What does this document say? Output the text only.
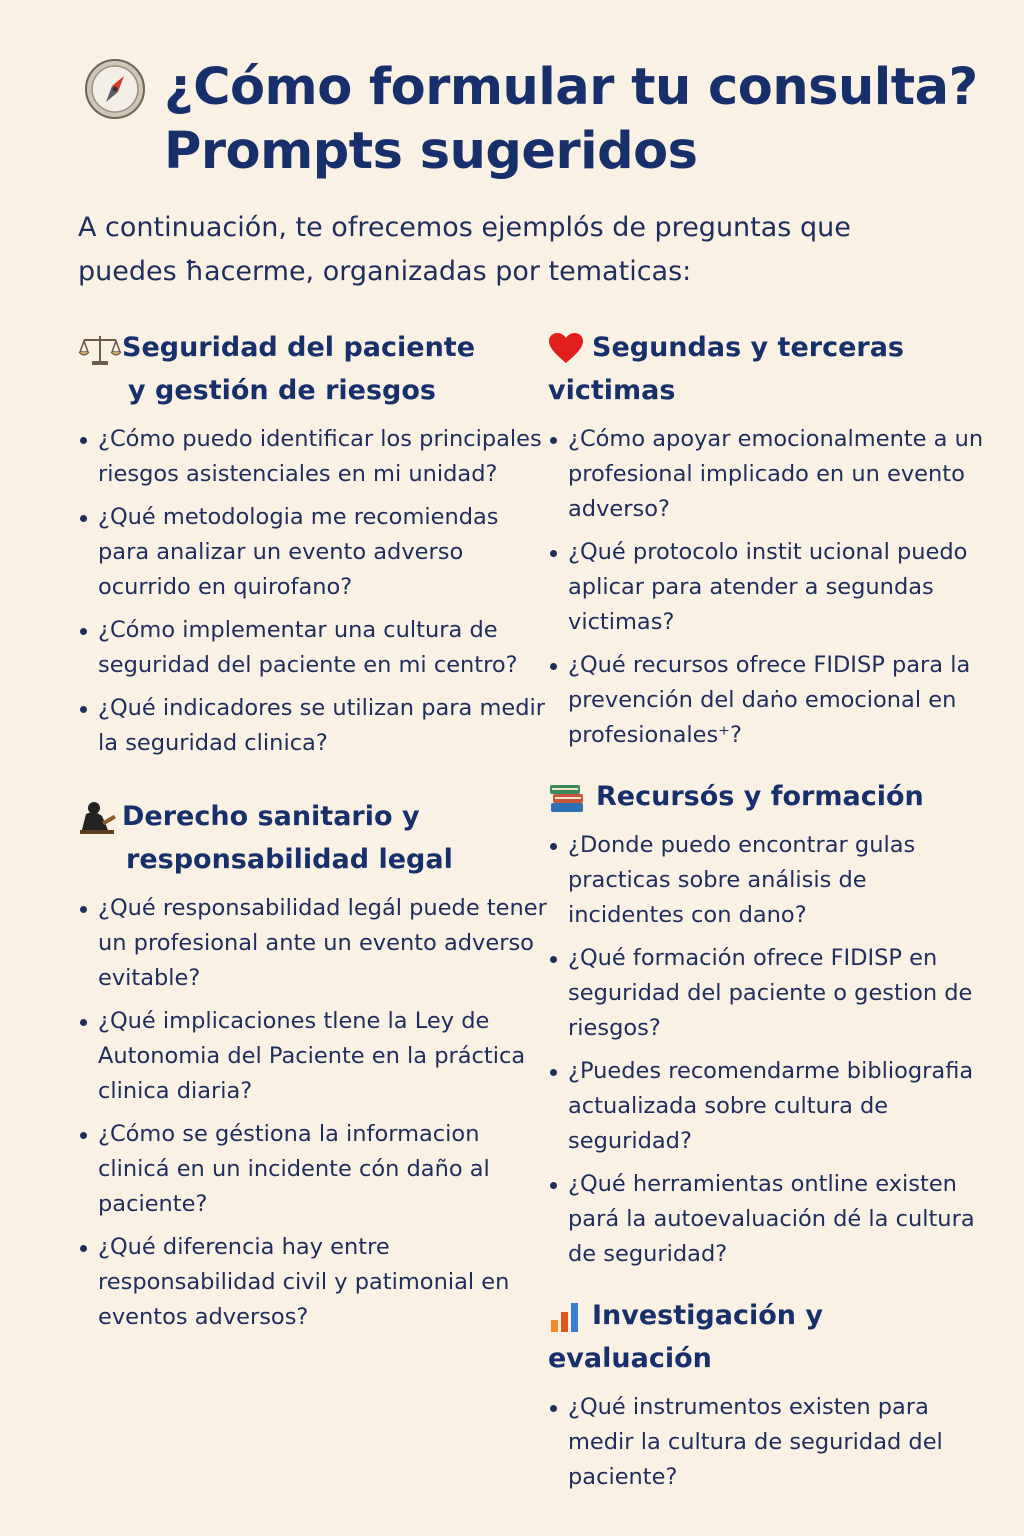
¿Cómo formular tu consulta?
Prompts sugeridos

A continuación, te ofrecemos ejemplós de preguntas que puedes ħacerme, organizadas por tematicas:

Seguridad del paciente
y gestión de riesgos
¿Cómo puedo identificar los principales riesgos asistenciales en mi unidad?
¿Qué metodologia me recomiendas para analizar un evento adverso ocurrido en quirofano?
¿Cómo implementar una cultura de seguridad del paciente en mi centro?
¿Qué indicadores se utilizan para medir la seguridad clinica?
Derecho sanitario y
responsabilidad legal
¿Qué responsabilidad legál puede tener un profesional ante un evento adverso evitable?
¿Qué implicaciones tlene la Ley de Autonomia del Paciente en la práctica clinica diaria?
¿Cómo se géstiona la informacion clinicá en un incidente cón daño al paciente?
¿Qué diferencia hay entre responsabilidad civil y patimonial en eventos adversos?
Segundas y terceras
victimas
¿Cómo apoyar emocionalmente a un profesional implicado en un evento adverso?
¿Qué protocolo instit ucional puedo aplicar para atender a segundas victimas?
¿Qué recursos ofrece FIDISP para la prevención del daṅo emocional en profesionales⁺?
Recursós y formación
¿Donde puedo encontrar gulas practicas sobre análisis de incidentes con dano?
¿Qué formación ofrece FIDISP en seguridad del paciente o gestion de riesgos?
¿Puedes recomendarme bibliografia actualizada sobre cultura de seguridad?
¿Qué herramientas ontline existen pará la autoevaluación dé la cultura de seguridad?
Investigación y evaluación
¿Qué instrumentos existen para medir la cultura de seguridad del paciente?
